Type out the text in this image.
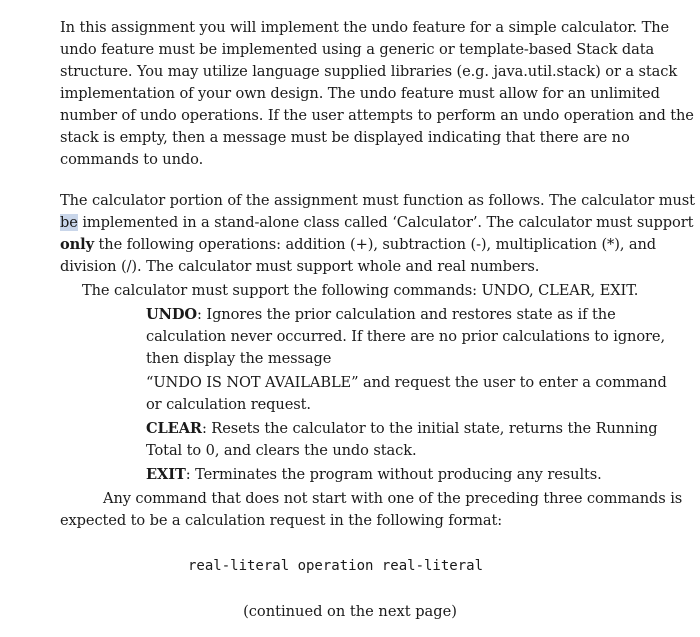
In this assignment you will implement the undo feature for a simple calculator. The
undo feature must be implemented using a generic or template-based Stack data
structure. You may utilize language supplied libraries (e.g. java.util.stack) or a stack
implementation of your own design. The undo feature must allow for an unlimited
number of undo operations. If the user attempts to perform an undo operation and the
stack is empty, then a message must be displayed indicating that there are no
commands to undo.
The calculator portion of the assignment must function as follows. The calculator must
be implemented in a stand-alone class called ‘Calculator’. The calculator must support
only the following operations: addition (+), subtraction (-), multiplication (*), and
division (/). The calculator must support whole and real numbers.
The calculator must support the following commands: UNDO, CLEAR, EXIT.
UNDO: Ignores the prior calculation and restores state as if the
calculation never occurred. If there are no prior calculations to ignore,
then display the message
“UNDO IS NOT AVAILABLE” and request the user to enter a command
or calculation request.
CLEAR: Resets the calculator to the initial state, returns the Running
Total to 0, and clears the undo stack.
EXIT: Terminates the program without producing any results.
Any command that does not start with one of the preceding three commands is
expected to be a calculation request in the following format:
real-literal operation real-literal
(continued on the next page)
